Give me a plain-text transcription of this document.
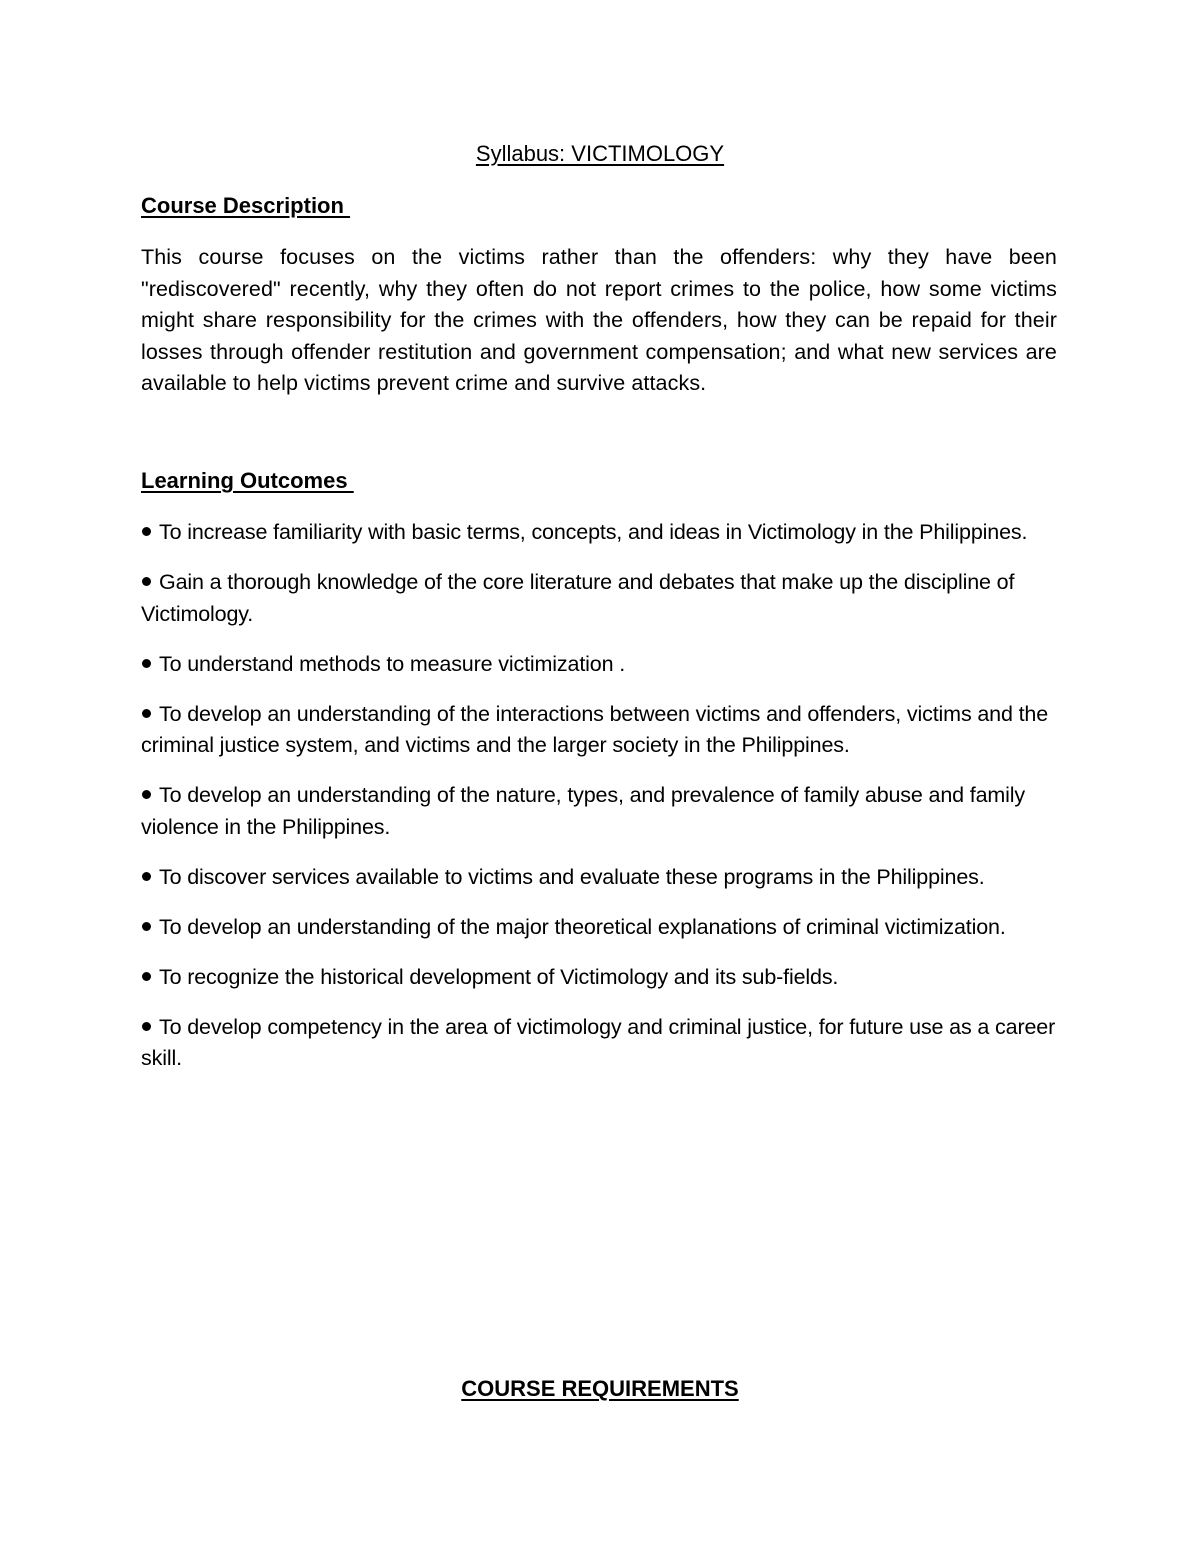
Syllabus: VICTIMOLOGY
Course Description

This course focuses on the victims rather than the offenders: why they have been "rediscovered" recently, why they often do not report crimes to the police, how some victims might share responsibility for the crimes with the offenders, how they can be repaid for their losses through offender restitution and government compensation; and what new services are available to help victims prevent crime and survive attacks.

Learning Outcomes
To increase familiarity with basic terms, concepts, and ideas in Victimology in the Philippines.
Gain a thorough knowledge of the core literature and debates that make up the discipline of Victimology.
To understand methods to measure victimization .
To develop an understanding of the interactions between victims and offenders, victims and the criminal justice system, and victims and the larger society in the Philippines.
To develop an understanding of the nature, types, and prevalence of family abuse and family violence in the Philippines.
To discover services available to victims and evaluate these programs in the Philippines.
To develop an understanding of the major theoretical explanations of criminal victimization.
To recognize the historical development of Victimology and its sub-fields.
To develop competency in the area of victimology and criminal justice, for future use as a career skill.
COURSE REQUIREMENTS
